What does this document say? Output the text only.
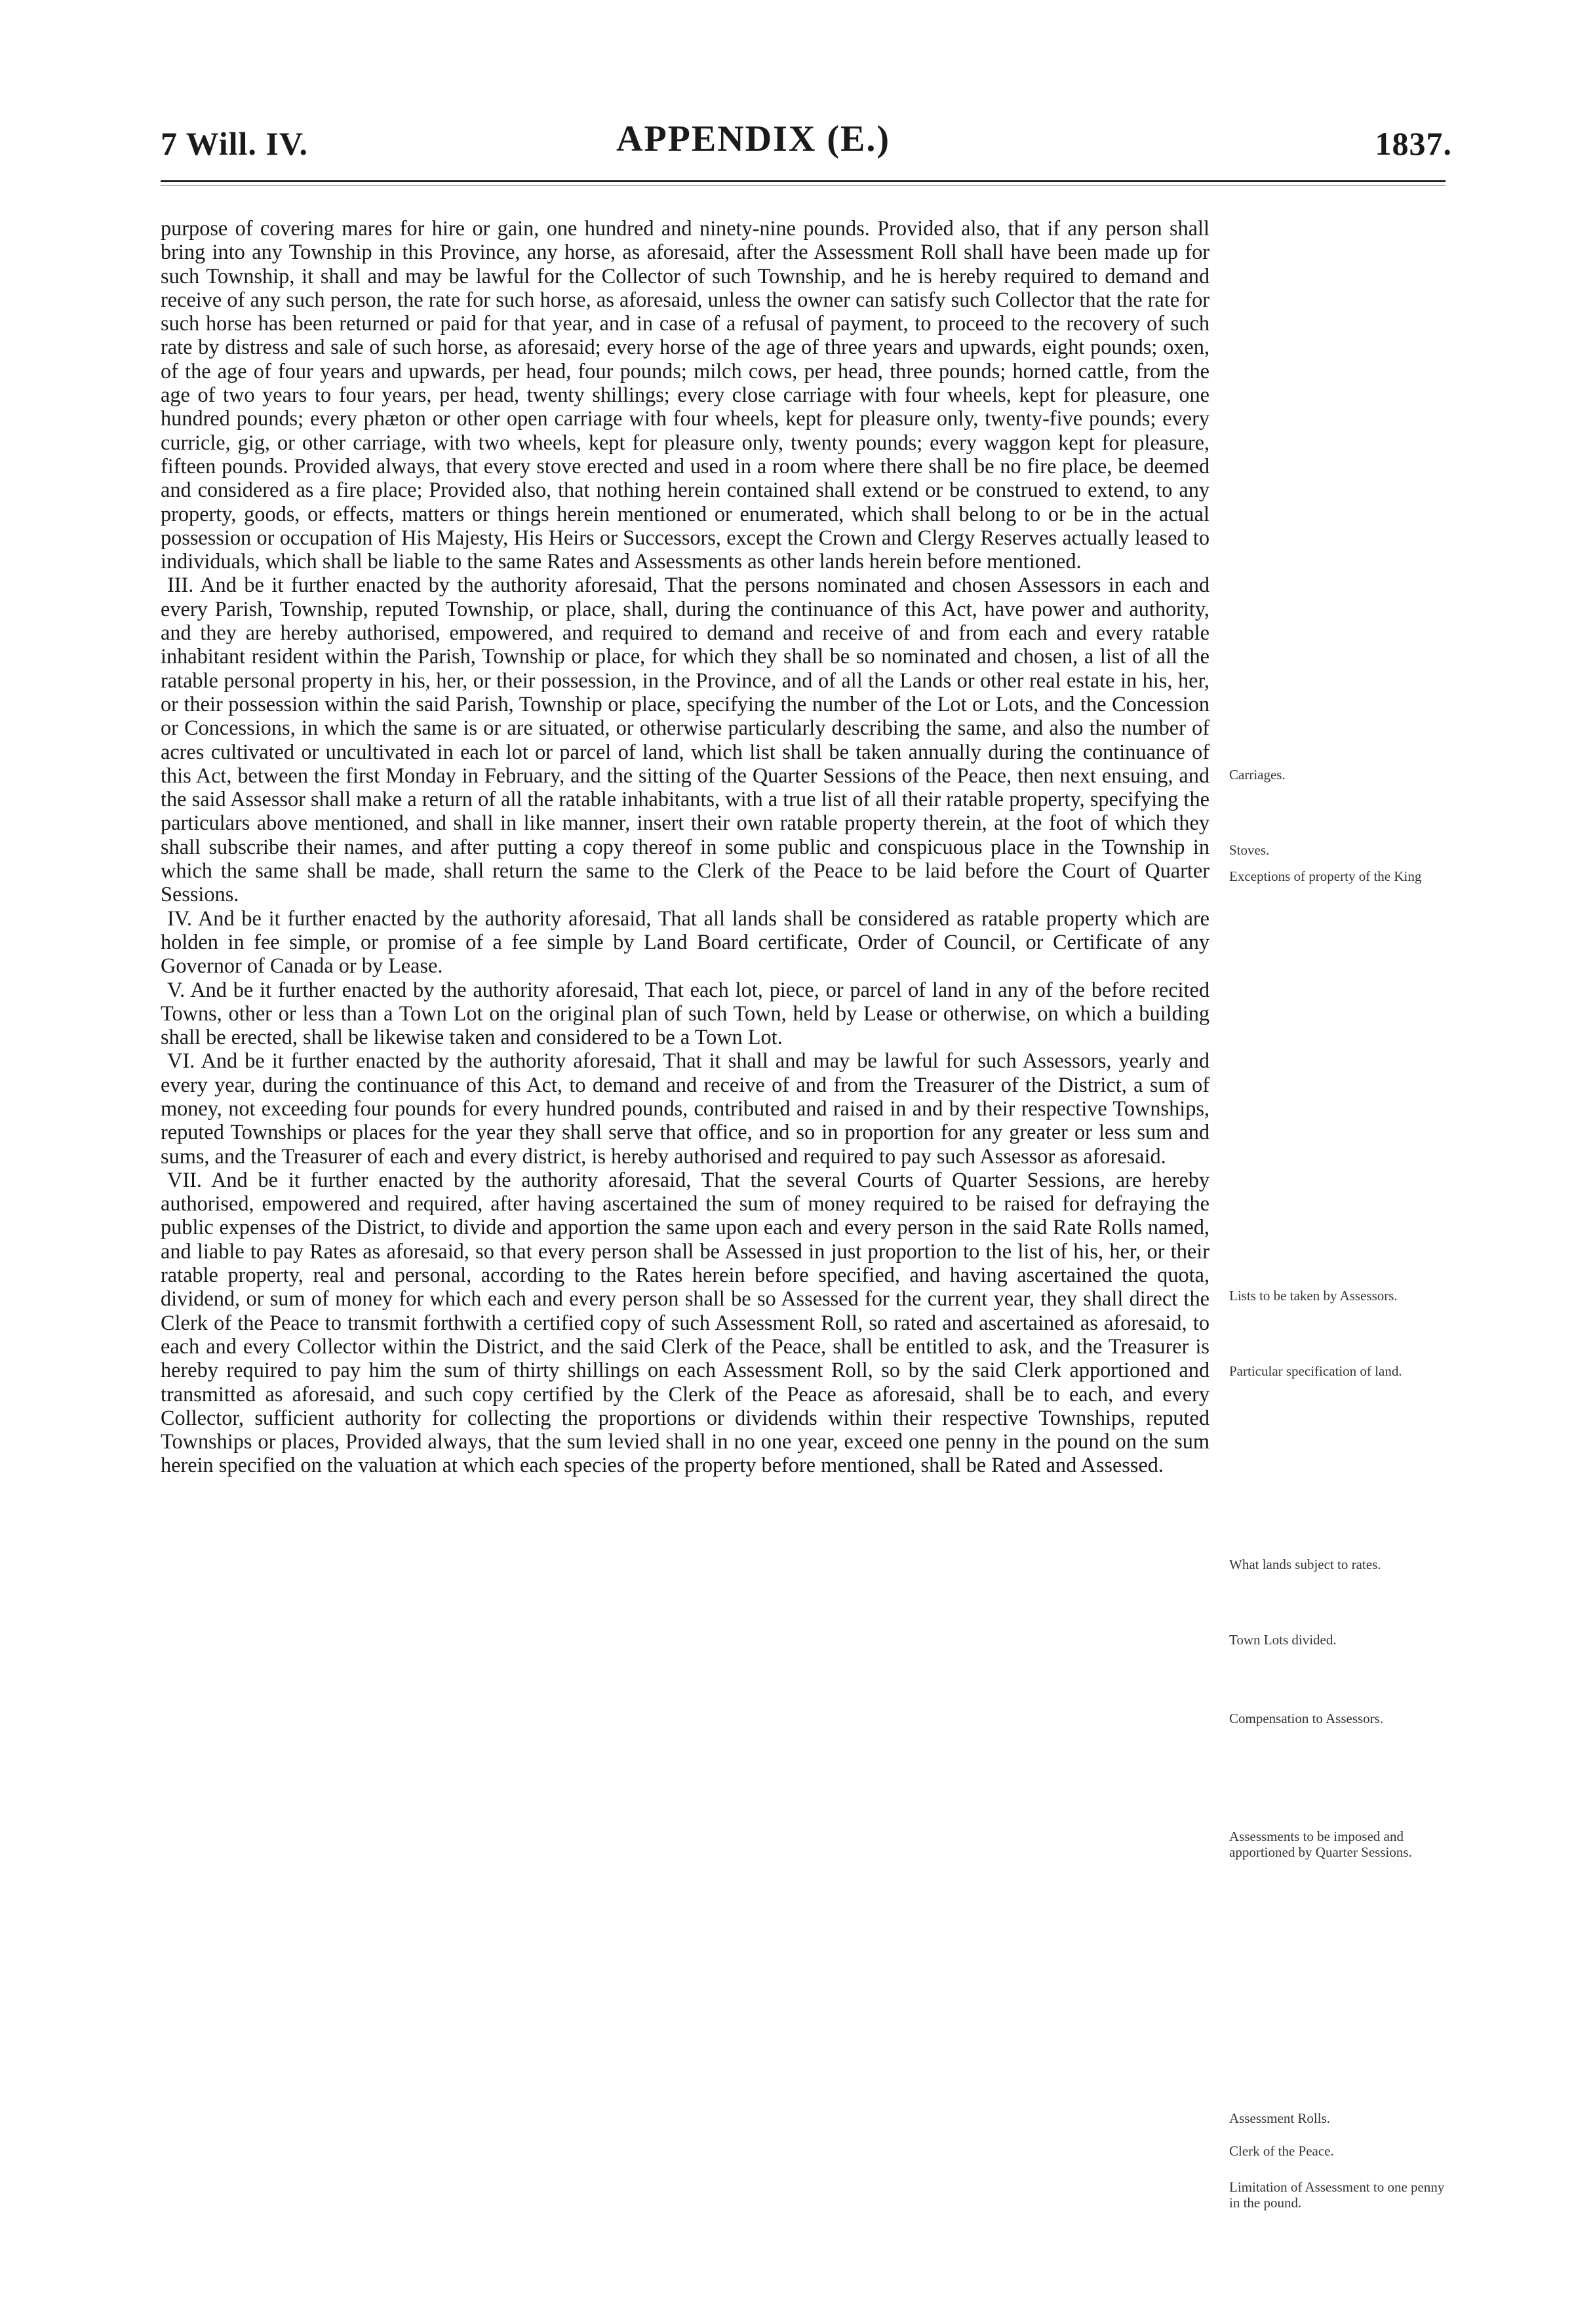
7 Will. IV.	APPENDIX (E.)	1837.

purpose of covering mares for hire or gain, one hundred and ninety-nine pounds. Provided also, that if any person shall bring into any Township in this Province, any horse, as aforesaid, after the Assessment Roll shall have been made up for such Township, it shall and may be lawful for the Collector of such Township, and he is hereby required to demand and receive of any such person, the rate for such horse, as aforesaid, unless the owner can satisfy such Collector that the rate for such horse has been returned or paid for that year, and in case of a refusal of payment, to proceed to the recovery of such rate by distress and sale of such horse, as aforesaid; every horse of the age of three years and upwards, eight pounds; oxen, of the age of four years and upwards, per head, four pounds; milch cows, per head, three pounds; horned cattle, from the age of two years to four years, per head, twenty shillings; every close carriage with four wheels, kept for pleasure, one hundred pounds; every phæton or other open carriage with four wheels, kept for pleasure only, twenty-five pounds; every curricle, gig, or other carriage, with two wheels, kept for pleasure only, twenty pounds; every waggon kept for pleasure, fifteen pounds. Provided always, that every stove erected and used in a room where there shall be no fire place, be deemed and considered as a fire place; Provided also, that nothing herein contained shall extend or be construed to extend, to any property, goods, or effects, matters or things herein mentioned or enumerated, which shall belong to or be in the actual possession or occupation of His Majesty, His Heirs or Successors, except the Crown and Clergy Reserves actually leased to individuals, which shall be liable to the same Rates and Assessments as other lands herein before mentioned.

III. And be it further enacted by the authority aforesaid, That the persons nominated and chosen Assessors in each and every Parish, Township, reputed Township, or place, shall, during the continuance of this Act, have power and authority, and they are hereby authorised, empowered, and required to demand and receive of and from each and every ratable inhabitant resident within the Parish, Township or place, for which they shall be so nominated and chosen, a list of all the ratable personal property in his, her, or their possession, in the Province, and of all the Lands or other real estate in his, her, or their possession within the said Parish, Township or place, specifying the number of the Lot or Lots, and the Concession or Concessions, in which the same is or are situated, or otherwise particularly describing the same, and also the number of acres cultivated or uncultivated in each lot or parcel of land, which list shall be taken annually during the continuance of this Act, between the first Monday in February, and the sitting of the Quarter Sessions of the Peace, then next ensuing, and the said Assessor shall make a return of all the ratable inhabitants, with a true list of all their ratable property, specifying the particulars above mentioned, and shall in like manner, insert their own ratable property therein, at the foot of which they shall subscribe their names, and after putting a copy thereof in some public and conspicuous place in the Township in which the same shall be made, shall return the same to the Clerk of the Peace to be laid before the Court of Quarter Sessions.

IV. And be it further enacted by the authority aforesaid, That all lands shall be considered as ratable property which are holden in fee simple, or promise of a fee simple by Land Board certificate, Order of Council, or Certificate of any Governor of Canada or by Lease.

V. And be it further enacted by the authority aforesaid, That each lot, piece, or parcel of land in any of the before recited Towns, other or less than a Town Lot on the original plan of such Town, held by Lease or otherwise, on which a building shall be erected, shall be likewise taken and considered to be a Town Lot.

VI. And be it further enacted by the authority aforesaid, That it shall and may be lawful for such Assessors, yearly and every year, during the continuance of this Act, to demand and receive of and from the Treasurer of the District, a sum of money, not exceeding four pounds for every hundred pounds, contributed and raised in and by their respective Townships, reputed Townships or places for the year they shall serve that office, and so in proportion for any greater or less sum and sums, and the Treasurer of each and every district, is hereby authorised and required to pay such Assessor as aforesaid.

VII. And be it further enacted by the authority aforesaid, That the several Courts of Quarter Sessions, are hereby authorised, empowered and required, after having ascertained the sum of money required to be raised for defraying the public expenses of the District, to divide and apportion the same upon each and every person in the said Rate Rolls named, and liable to pay Rates as aforesaid, so that every person shall be Assessed in just proportion to the list of his, her, or their ratable property, real and personal, according to the Rates herein before specified, and having ascertained the quota, dividend, or sum of money for which each and every person shall be so Assessed for the current year, they shall direct the Clerk of the Peace to transmit forthwith a certified copy of such Assessment Roll, so rated and ascertained as aforesaid, to each and every Collector within the District, and the said Clerk of the Peace, shall be entitled to ask, and the Treasurer is hereby required to pay him the sum of thirty shillings on each Assessment Roll, so by the said Clerk apportioned and transmitted as aforesaid, and such copy certified by the Clerk of the Peace as aforesaid, shall be to each, and every Collector, sufficient authority for collecting the proportions or dividends within their respective Townships, reputed Townships or places, Provided always, that the sum levied shall in no one year, exceed one penny in the pound on the sum herein specified on the valuation at which each species of the property before mentioned, shall be Rated and Assessed.

Carriages.
Stoves.
Exceptions of property of the King
Lists to be taken by Assessors.
Particular specification of land.
What lands subject to rates.
Town Lots divided.
Compensation to Assessors.
Assessments to be imposed and apportioned by Quarter Sessions.
Assessment Rolls.
Clerk of the Peace.
Limitation of Assessment to one penny in the pound.
